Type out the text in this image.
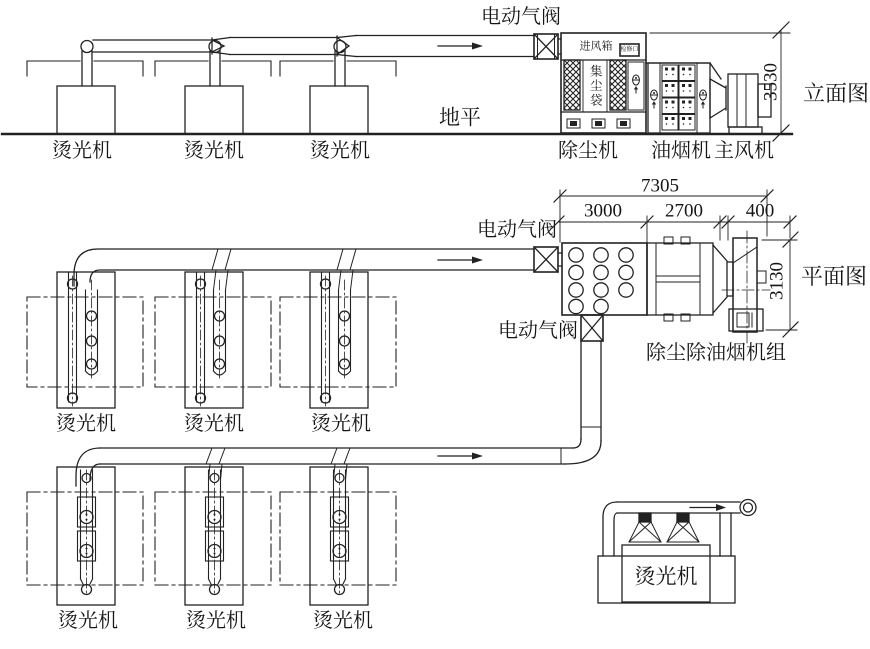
电动气阀
进风箱 检修口
集尘袋	3530 立面图
地平
烫光机	烫光机	烫光机	除尘机 油烟机 主风机
7305
3000 2700 400
电动气阀
电动气阀
3130 平面图
除尘除油烟机组
烫光机	烫光机	烫光机
烫光机	烫光机	烫光机
烫光机
